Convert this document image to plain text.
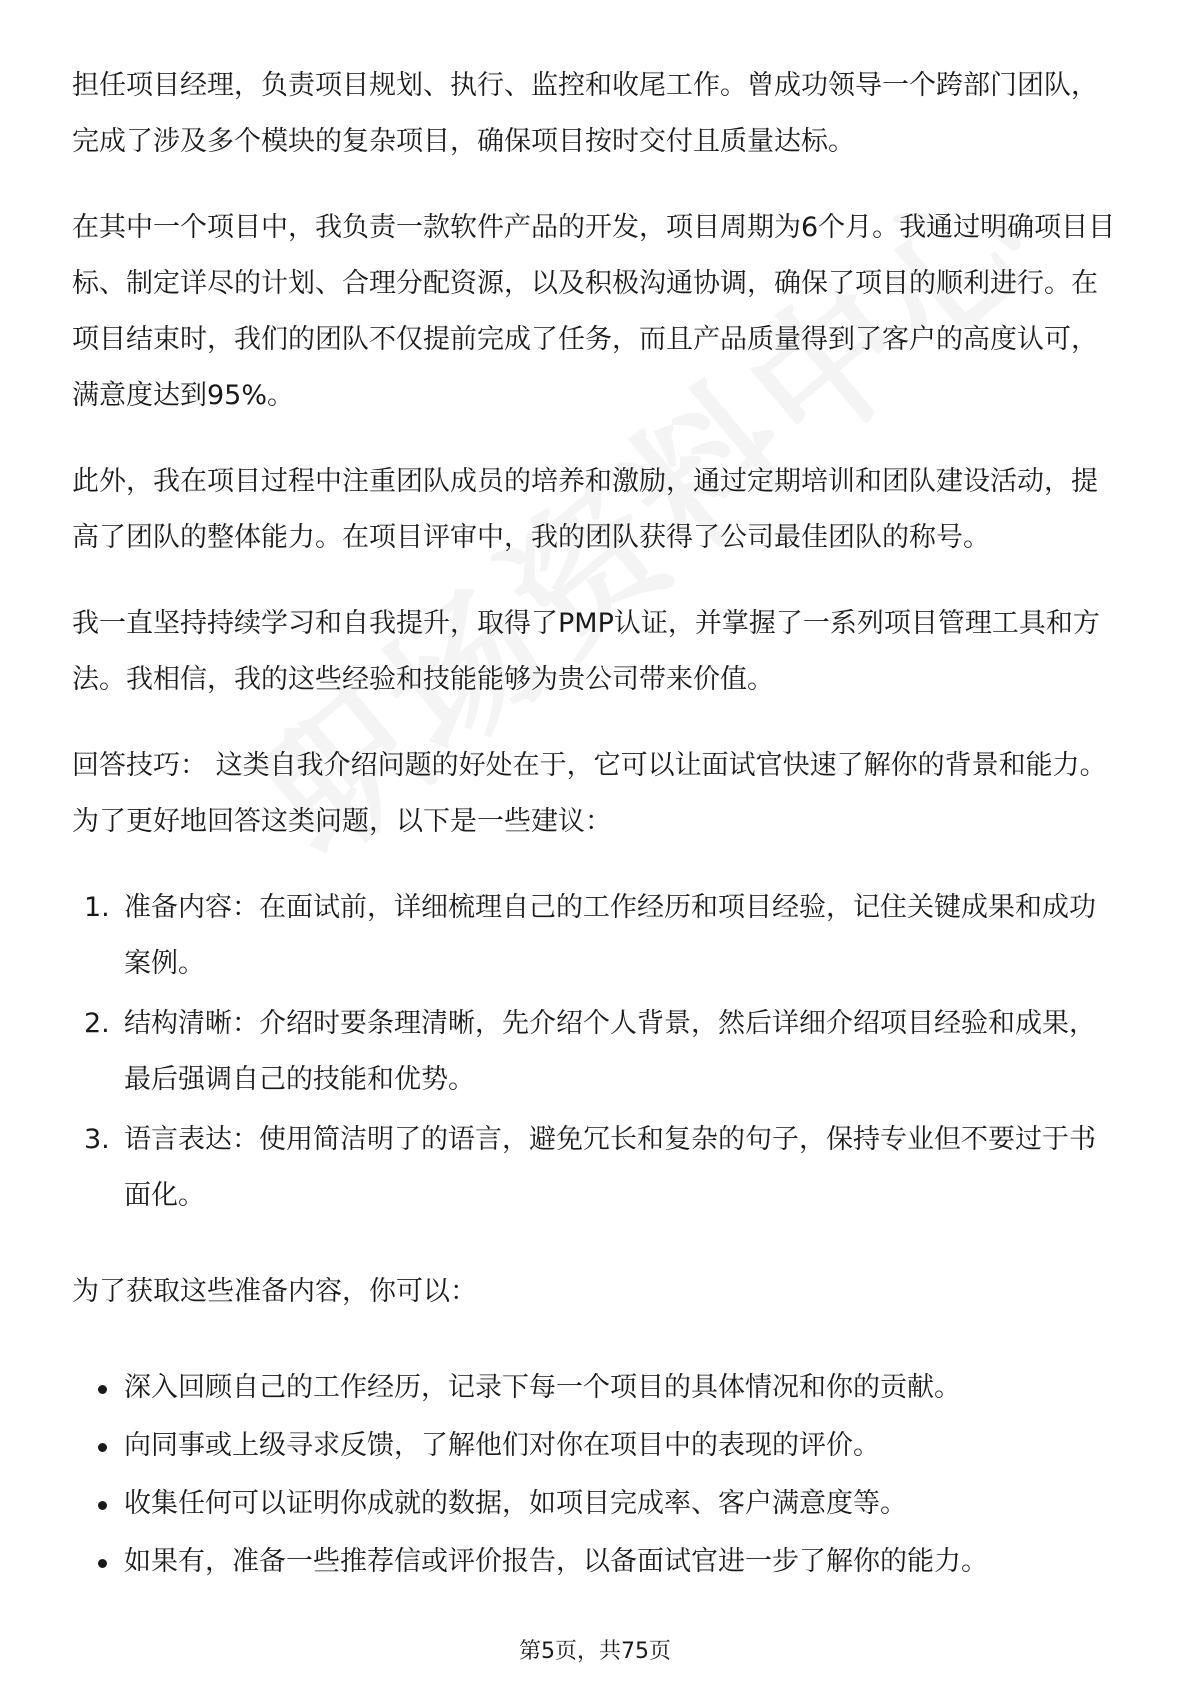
担任项目经理，负责项目规划、执行、监控和收尾工作。曾成功领导一个跨部门团队，完成了涉及多个模块的复杂项目，确保项目按时交付且质量达标。

在其中一个项目中，我负责一款软件产品的开发，项目周期为6个月。我通过明确项目目标、制定详尽的计划、合理分配资源，以及积极沟通协调，确保了项目的顺利进行。在项目结束时，我们的团队不仅提前完成了任务，而且产品质量得到了客户的高度认可，满意度达到95%。

此外，我在项目过程中注重团队成员的培养和激励，通过定期培训和团队建设活动，提高了团队的整体能力。在项目评审中，我的团队获得了公司最佳团队的称号。

我一直坚持持续学习和自我提升，取得了PMP认证，并掌握了一系列项目管理工具和方法。我相信，我的这些经验和技能能够为贵公司带来价值。

回答技巧： 这类自我介绍问题的好处在于，它可以让面试官快速了解你的背景和能力。为了更好地回答这类问题，以下是一些建议：

1. 准备内容：在面试前，详细梳理自己的工作经历和项目经验，记住关键成果和成功案例。
2. 结构清晰：介绍时要条理清晰，先介绍个人背景，然后详细介绍项目经验和成果，最后强调自己的技能和优势。
3. 语言表达：使用简洁明了的语言，避免冗长和复杂的句子，保持专业但不要过于书面化。

为了获取这些准备内容，你可以：

深入回顾自己的工作经历，记录下每一个项目的具体情况和你的贡献。
向同事或上级寻求反馈，了解他们对你在项目中的表现的评价。
收集任何可以证明你成就的数据，如项目完成率、客户满意度等。
如果有，准备一些推荐信或评价报告，以备面试官进一步了解你的能力。
第5页，共75页
